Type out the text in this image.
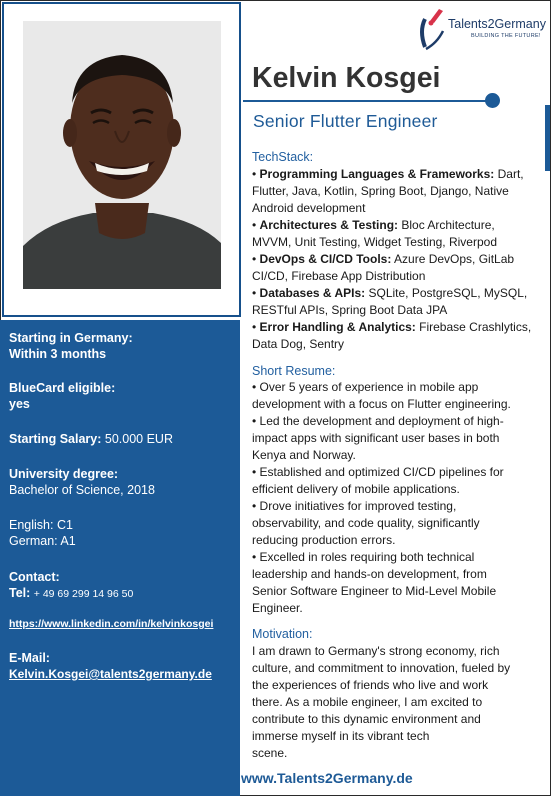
Starting in Germany:
Within 3 months
BlueCard eligible:
yes
Starting Salary: 50.000 EUR
University degree:
Bachelor of Science, 2018
English: C1
German: A1
Contact:
Tel: + 49 69 299 14 96 50
https://www.linkedin.com/in/kelvinkosgei
E-Mail:
Kelvin.Kosgei@talents2germany.de
Talents2Germany
BUILDING THE FUTURE!
Kelvin Kosgei
Senior Flutter Engineer
TechStack:
• Programming Languages & Frameworks: Dart,
Flutter, Java, Kotlin, Spring Boot, Django, Native
Android development
• Architectures & Testing: Bloc Architecture,
MVVM, Unit Testing, Widget Testing, Riverpod
• DevOps & CI/CD Tools: Azure DevOps, GitLab
CI/CD, Firebase App Distribution
• Databases & APIs: SQLite, PostgreSQL, MySQL,
RESTful APIs, Spring Boot Data JPA
• Error Handling & Analytics: Firebase Crashlytics,
Data Dog, Sentry
Short Resume:
• Over 5 years of experience in mobile app
development with a focus on Flutter engineering.
• Led the development and deployment of high-
impact apps with significant user bases in both
Kenya and Norway.
• Established and optimized CI/CD pipelines for
efficient delivery of mobile applications.
• Drove initiatives for improved testing,
observability, and code quality, significantly
reducing production errors.
• Excelled in roles requiring both technical
leadership and hands-on development, from
Senior Software Engineer to Mid-Level Mobile
Engineer.
Motivation:
I am drawn to Germany's strong economy, rich
culture, and commitment to innovation, fueled by
the experiences of friends who live and work
there. As a mobile engineer, I am excited to
contribute to this dynamic environment and
immerse myself in its vibrant tech
scene.
www.Talents2Germany.de
